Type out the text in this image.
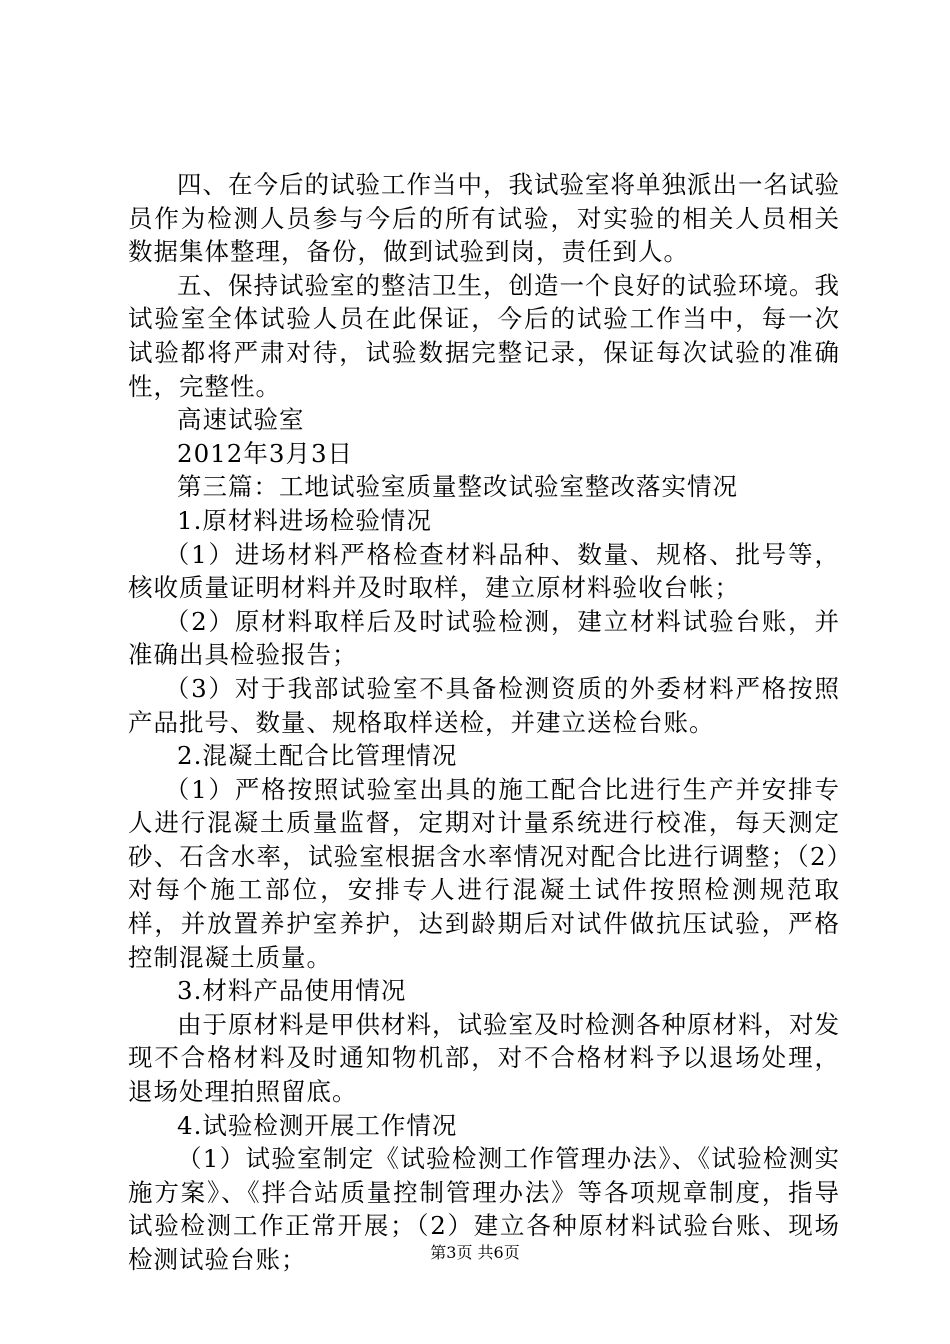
四、在今后的试验工作当中，我试验室将单独派出一名试验员作为检测人员参与今后的所有试验，对实验的相关人员相关数据集体整理，备份，做到试验到岗，责任到人。

五、保持试验室的整洁卫生，创造一个良好的试验环境。我试验室全体试验人员在此保证，今后的试验工作当中，每一次试验都将严肃对待，试验数据完整记录，保证每次试验的准确性，完整性。

高速试验室

2012年3月3日

第三篇：工地试验室质量整改试验室整改落实情况

1.原材料进场检验情况

（1）进场材料严格检查材料品种、数量、规格、批号等，核收质量证明材料并及时取样，建立原材料验收台帐；

（2）原材料取样后及时试验检测，建立材料试验台账，并准确出具检验报告；

（3）对于我部试验室不具备检测资质的外委材料严格按照产品批号、数量、规格取样送检，并建立送检台账。

2.混凝土配合比管理情况

（1）严格按照试验室出具的施工配合比进行生产并安排专人进行混凝土质量监督，定期对计量系统进行校准，每天测定砂、石含水率，试验室根据含水率情况对配合比进行调整；（2）对每个施工部位，安排专人进行混凝土试件按照检测规范取样，并放置养护室养护，达到龄期后对试件做抗压试验，严格控制混凝土质量。

3.材料产品使用情况

由于原材料是甲供材料，试验室及时检测各种原材料，对发现不合格材料及时通知物机部，对不合格材料予以退场处理，退场处理拍照留底。

4.试验检测开展工作情况

（1）试验室制定《试验检测工作管理办法》、《试验检测实施方案》、《拌合站质量控制管理办法》等各项规章制度，指导试验检测工作正常开展；（2）建立各种原材料试验台账、现场检测试验台账；	第3页 共6页
